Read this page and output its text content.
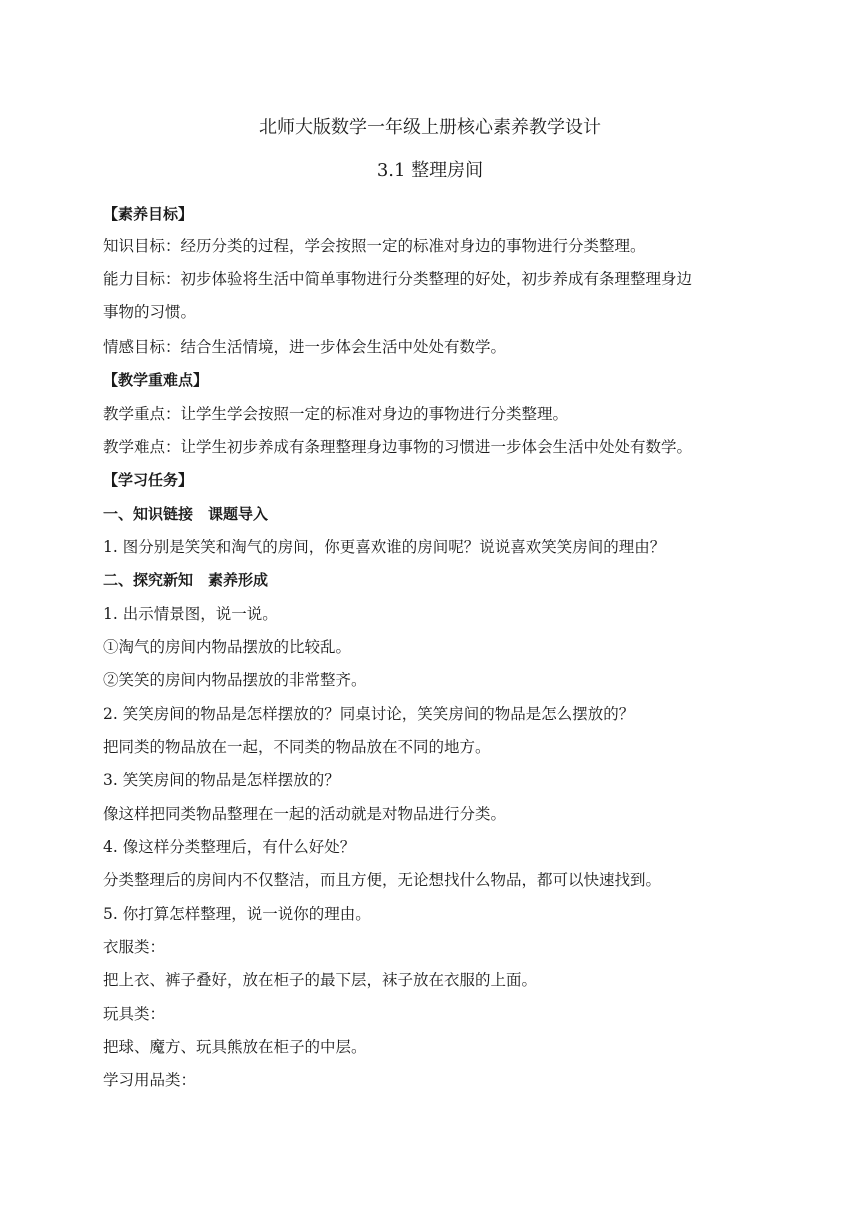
北师大版数学一年级上册核心素养教学设计
3.1 整理房间
【素养目标】
知识目标：经历分类的过程，学会按照一定的标准对身边的事物进行分类整理。
能力目标：初步体验将生活中简单事物进行分类整理的好处，初步养成有条理整理身边
事物的习惯。
情感目标：结合生活情境，进一步体会生活中处处有数学。
【教学重难点】
教学重点：让学生学会按照一定的标准对身边的事物进行分类整理。
教学难点：让学生初步养成有条理整理身边事物的习惯进一步体会生活中处处有数学。
【学习任务】
一、知识链接　课题导入
1. 图分别是笑笑和淘气的房间，你更喜欢谁的房间呢？说说喜欢笑笑房间的理由？
二、探究新知　素养形成
1. 出示情景图，说一说。
①淘气的房间内物品摆放的比较乱。
②笑笑的房间内物品摆放的非常整齐。
2. 笑笑房间的物品是怎样摆放的？同桌讨论，笑笑房间的物品是怎么摆放的？
把同类的物品放在一起，不同类的物品放在不同的地方。
3. 笑笑房间的物品是怎样摆放的？
像这样把同类物品整理在一起的活动就是对物品进行分类。
4. 像这样分类整理后，有什么好处？
分类整理后的房间内不仅整洁，而且方便，无论想找什么物品，都可以快速找到。
5. 你打算怎样整理，说一说你的理由。
衣服类：
把上衣、裤子叠好，放在柜子的最下层，袜子放在衣服的上面。
玩具类：
把球、魔方、玩具熊放在柜子的中层。
学习用品类：
